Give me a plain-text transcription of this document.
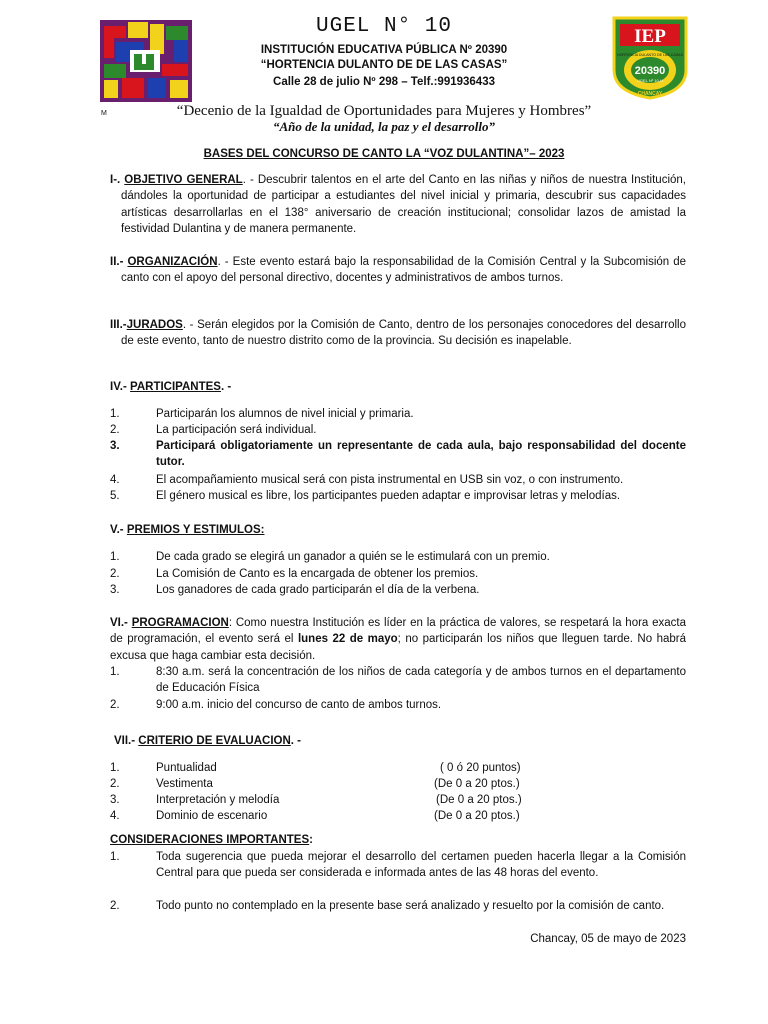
M
IEP
20390
UGEL Nº 10-H
HORTENCIA DULANTO DE LAS CASAS
CHANCAY
UGEL N° 10
INSTITUCIÓN EDUCATIVA PÚBLICA Nº 20390
“HORTENCIA DULANTO DE DE LAS CASAS”
Calle 28 de julio Nº 298 – Telf.:991936433
“Decenio de la Igualdad de Oportunidades para Mujeres y Hombres”
“Año de la unidad, la paz y el desarrollo”
BASES DEL CONCURSO DE CANTO LA “VOZ DULANTINA”– 2023
I-. OBJETIVO GENERAL. - Descubrir talentos en el arte del Canto en las niñas y niños de nuestra Institución, dándoles la oportunidad de participar a estudiantes del nivel inicial y primaria, descubrir sus capacidades artísticas desarrollarlas en el 138° aniversario de creación institucional; consolidar lazos de amistad la festividad Dulantina y de manera permanente.
II.- ORGANIZACIÓN. - Este evento estará bajo la responsabilidad de la Comisión Central y la Subcomisión de canto con el apoyo del personal directivo, docentes y administrativos de ambos turnos.
III.-JURADOS. - Serán elegidos por la Comisión de Canto, dentro de los personajes conocedores del desarrollo de este evento, tanto de nuestro distrito como de la provincia. Su decisión es inapelable.
IV.- PARTICIPANTES. -
1.	Participarán los alumnos de nivel inicial y primaria.
2.	La participación será individual.
3.	Participará obligatoriamente un representante de cada aula, bajo responsabilidad del docente tutor.
4.	El acompañamiento musical será con pista instrumental en USB sin voz, o con instrumento.
5.	El género musical es libre, los participantes pueden adaptar e improvisar letras y melodías.
V.- PREMIOS Y ESTIMULOS:
1.	De cada grado se elegirá un ganador a quién se le estimulará con un premio.
2.	La Comisión de Canto es la encargada de obtener los premios.
3.	Los ganadores de cada grado participarán el día de la verbena.
VI.- PROGRAMACION: Como nuestra Institución es líder en la práctica de valores, se respetará la hora exacta de programación, el evento será el lunes 22 de mayo; no participarán los niños que lleguen tarde. No habrá excusa que haga cambiar esta decisión.
1.	8:30 a.m. será la concentración de los niños de cada categoría y de ambos turnos en el departamento de Educación Física
2.	9:00 a.m. inicio del concurso de canto de ambos turnos.
VII.- CRITERIO DE EVALUACION. -
1.	Puntualidad	( 0 ó 20 puntos)
2.	Vestimenta	(De 0 a 20 ptos.)
3.	Interpretación y melodía	(De 0 a 20 ptos.)
4.	Dominio de escenario	(De 0 a 20 ptos.)
CONSIDERACIONES IMPORTANTES:
1.	Toda sugerencia que pueda mejorar el desarrollo del certamen pueden hacerla llegar a la Comisión Central para que pueda ser considerada e informada antes de las 48 horas del evento.
2.	Todo punto no contemplado en la presente base será analizado y resuelto por la comisión de canto.
Chancay, 05 de mayo de 2023
